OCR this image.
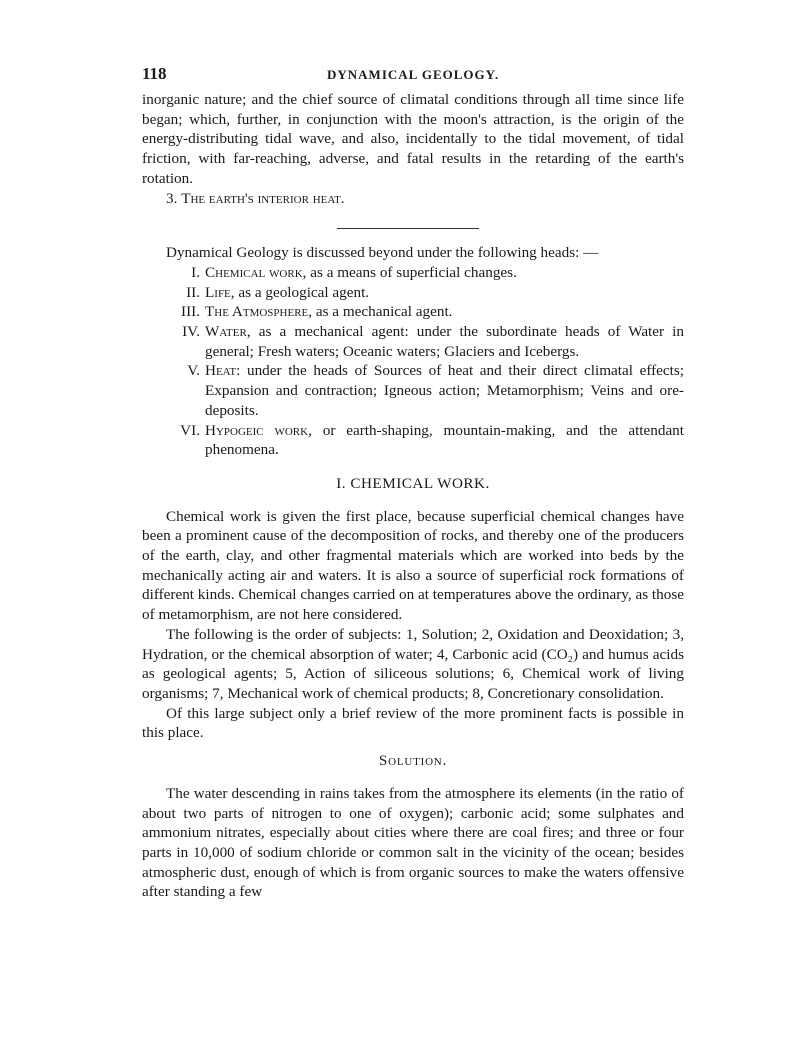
118	DYNAMICAL GEOLOGY.

inorganic nature; and the chief source of climatal conditions through all time since life began; which, further, in conjunction with the moon's attraction, is the origin of the energy-distributing tidal wave, and also, incidentally to the tidal movement, of tidal friction, with far-reaching, adverse, and fatal results in the retarding of the earth's rotation.

3. The earth's interior heat.

Dynamical Geology is discussed beyond under the following heads: —

I. Chemical work, as a means of superficial changes.
II. Life, as a geological agent.
III. The Atmosphere, as a mechanical agent.
IV. Water, as a mechanical agent: under the subordinate heads of Water in general; Fresh waters; Oceanic waters; Glaciers and Icebergs.
V. Heat: under the heads of Sources of heat and their direct climatal effects; Expansion and contraction; Igneous action; Metamorphism; Veins and ore-deposits.
VI. Hypogeic work, or earth-shaping, mountain-making, and the attendant phenomena.
I. CHEMICAL WORK.

Chemical work is given the first place, because superficial chemical changes have been a prominent cause of the decomposition of rocks, and thereby one of the producers of the earth, clay, and other fragmental materials which are worked into beds by the mechanically acting air and waters. It is also a source of superficial rock formations of different kinds. Chemical changes carried on at temperatures above the ordinary, as those of metamorphism, are not here considered.

The following is the order of subjects: 1, Solution; 2, Oxidation and Deoxidation; 3, Hydration, or the chemical absorption of water; 4, Carbonic acid (CO₂) and humus acids as geological agents; 5, Action of siliceous solutions; 6, Chemical work of living organisms; 7, Mechanical work of chemical products; 8, Concretionary consolidation.

Of this large subject only a brief review of the more prominent facts is possible in this place.

Solution.

The water descending in rains takes from the atmosphere its elements (in the ratio of about two parts of nitrogen to one of oxygen); carbonic acid; some sulphates and ammonium nitrates, especially about cities where there are coal fires; and three or four parts in 10,000 of sodium chloride or common salt in the vicinity of the ocean; besides atmospheric dust, enough of which is from organic sources to make the waters offensive after standing a few
